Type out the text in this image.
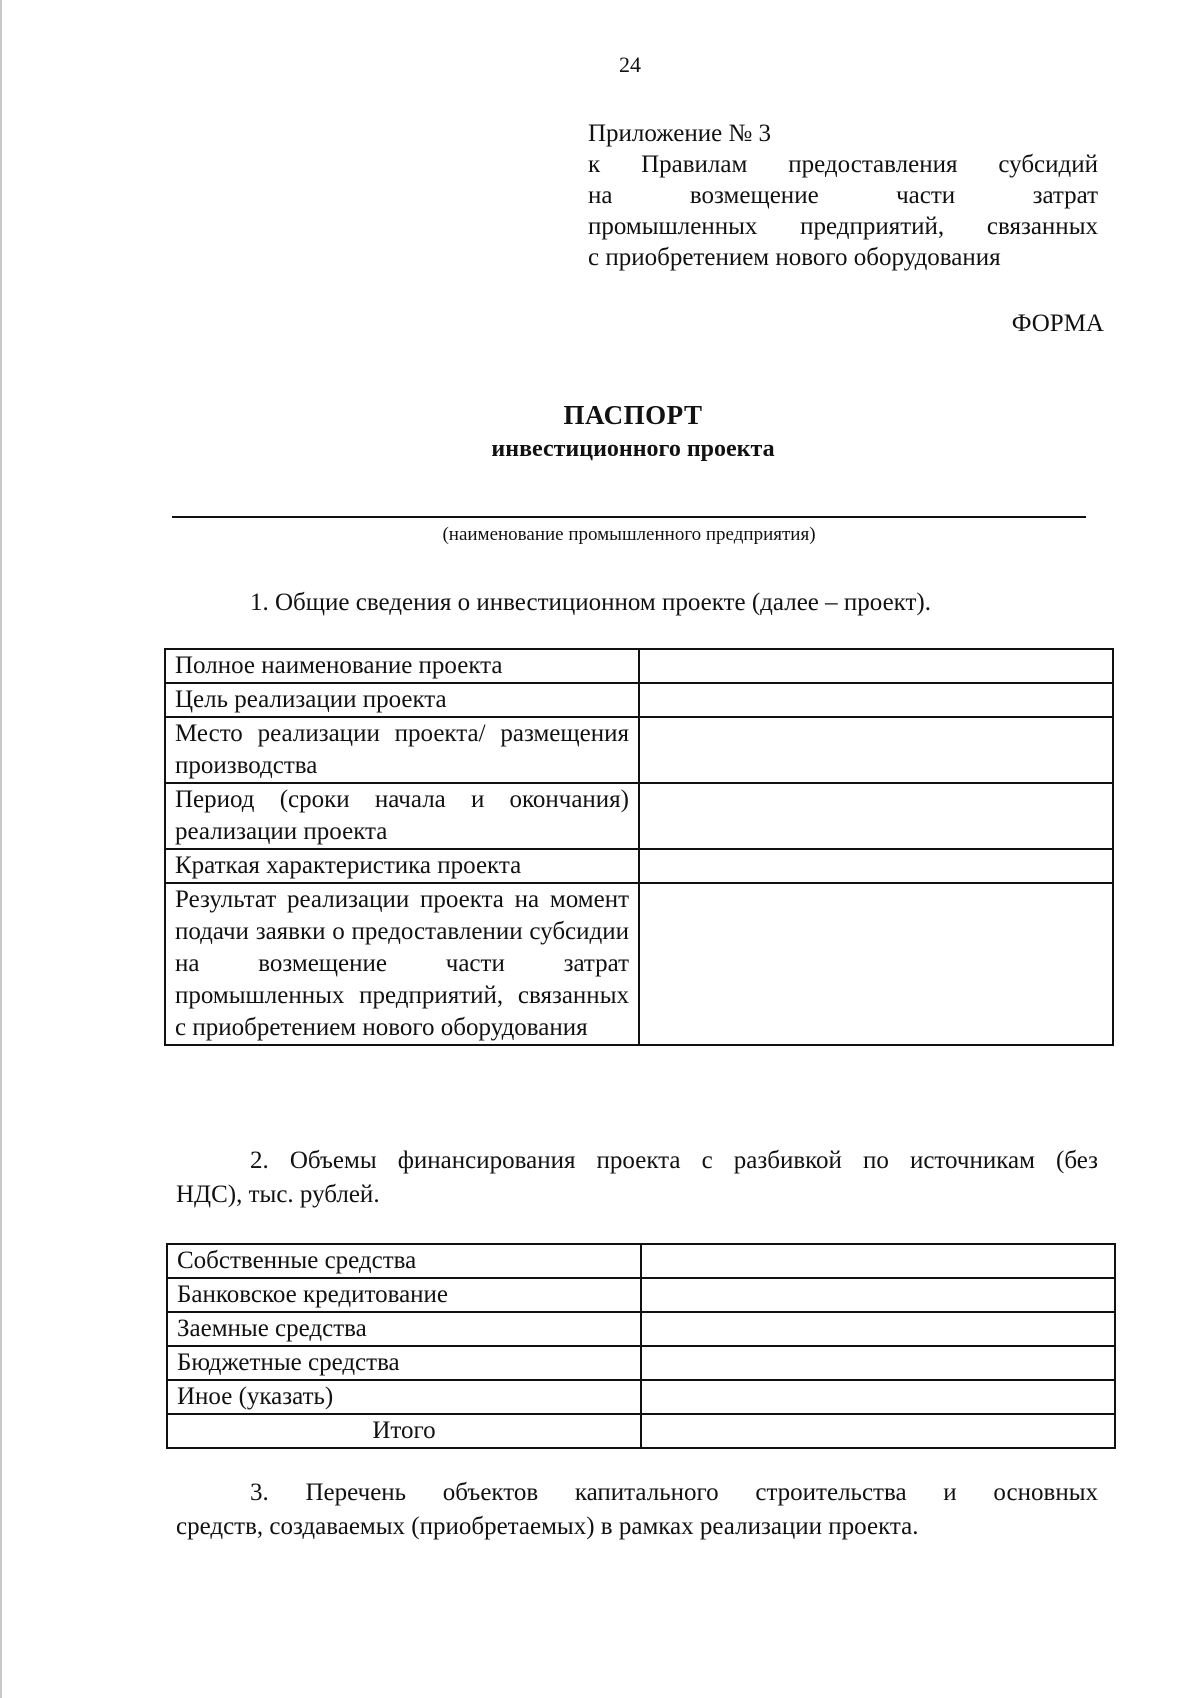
24
Приложение № 3
к Правилам предоставления субсидий
на возмещение части затрат
промышленных предприятий, связанных
с приобретением нового оборудования
ФОРМА
ПАСПОРТ
инвестиционного проекта
(наименование промышленного предприятия)
1. Общие сведения о инвестиционном проекте (далее – проект).
Полное наименование проекта	
Цель реализации проекта	
Место реализации проекта/ размещения производства	
Период (сроки начала и окончания) реализации проекта	
Краткая характеристика проекта	
Результат реализации проекта на момент подачи заявки о предоставлении субсидии на возмещение части затрат промышленных предприятий, связанных с приобретением нового оборудования	
2. Объемы финансирования проекта с разбивкой по источникам (без
НДС), тыс. рублей.
Собственные средства	
Банковское кредитование	
Заемные средства	
Бюджетные средства	
Иное (указать)	
Итого	
3. Перечень объектов капитального строительства и основных
средств, создаваемых (приобретаемых) в рамках реализации проекта.
